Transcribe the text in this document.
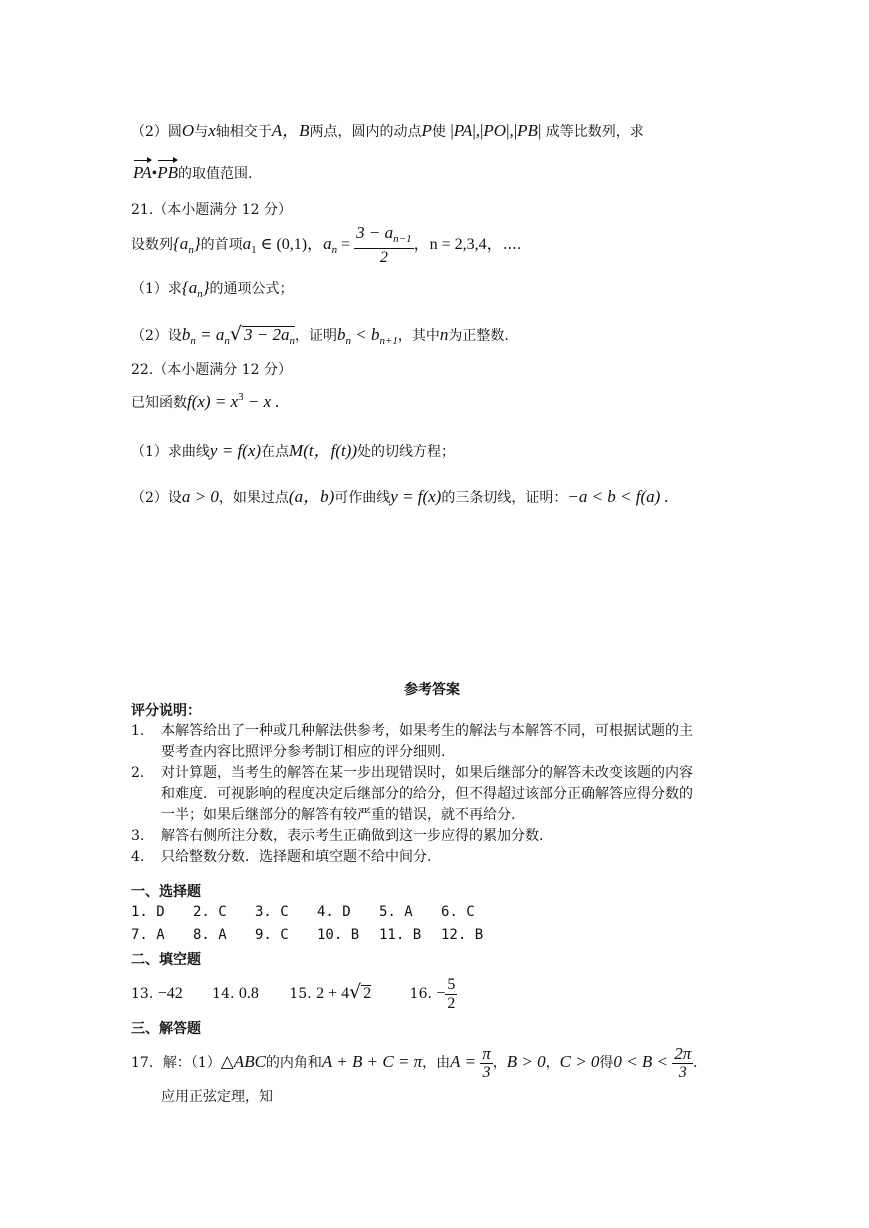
（2）圆O与x轴相交于A，B两点，圆内的动点P使 |PA|,|PO|,|PB| 成等比数列，求
PA•PB的取值范围.
21.（本小题满分 12 分）
设数列$\{a_n\}$的首项$a_1$ ∈ (0,1)，$a_n = \frac{3 - a_{n-1}}{2}$ ，n = 2,3,4，⋯.
（1）求$\{a_n\}$的通项公式；
（2）设$b_n = a_n√$ $3 - 2a_n$，证明$b_n < b_{n+1}$，其中n为正整数.
22.（本小题满分 12 分）
已知函数$f(x) = x^3 - x$ .
（1）求曲线y = f(x)在点M(t，f(t))处的切线方程；
（2）设a > 0，如果过点(a，b)可作曲线y = f(x)的三条切线，证明：−a < b < f(a) .
参考答案
评分说明：
1. 本解答给出了一种或几种解法供参考，如果考生的解法与本解答不同，可根据试题的主
要考查内容比照评分参考制订相应的评分细则.
2. 对计算题，当考生的解答在某一步出现错误时，如果后继部分的解答未改变该题的内容
和难度．可视影响的程度决定后继部分的给分，但不得超过该部分正确解答应得分数的
一半；如果后继部分的解答有较严重的错误，就不再给分.
3. 解答右侧所注分数，表示考生正确做到这一步应得的累加分数.
4. 只给整数分数．选择题和填空题不给中间分.
一、选择题
1. D 2. C 3. C 4. D 5. A 6. C
7. A 8. A 9. C 10. B 11. B 12. B
二、填空题
13. −42 14. 0.8 15. 2 + 4√ 2	16. − $\frac{5}{2}$
三、解答题
17．解：（1）△ABC的内角和A + B + C = π，由$A = \frac{\pi}{3}$ ，B > 0，C > 0得$0 < B < \frac{2\pi}{3}$ .
应用正弦定理，知
